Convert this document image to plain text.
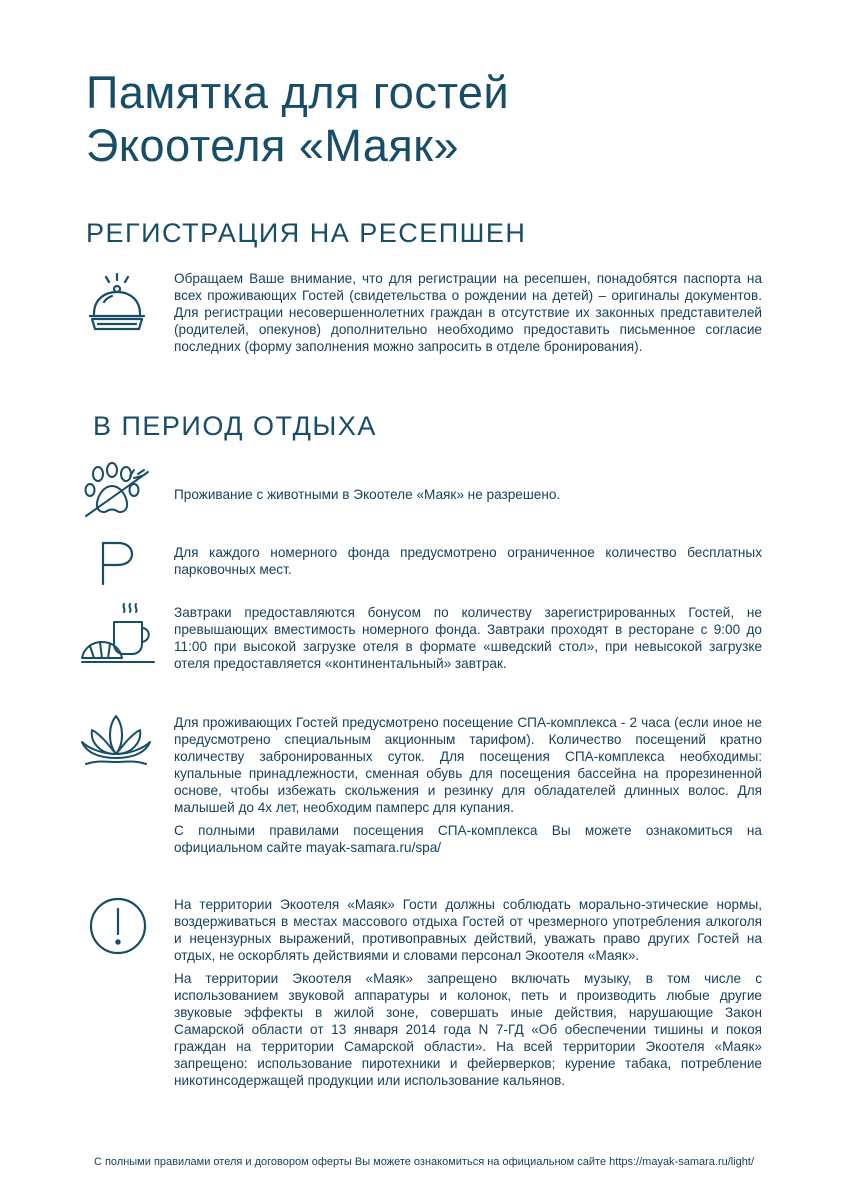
Памятка для гостей
Экоотеля «Маяк»
РЕГИСТРАЦИЯ НА РЕСЕПШЕН

Обращаем Ваше внимание, что для регистрации на ресепшен, понадобятся паспорта на всех проживающих Гостей (свидетельства о рождении на детей) – оригиналы документов. Для регистрации несовершеннолетних граждан в отсутствие их законных представителей (родителей, опекунов) дополнительно необходимо предоставить письменное согласие последних (форму заполнения можно запросить в отделе бронирования).

В ПЕРИОД ОТДЫХА

Проживание с животными в Экоотеле «Маяк» не разрешено.

Для каждого номерного фонда предусмотрено ограниченное количество бесплатных парковочных мест.

Завтраки предоставляются бонусом по количеству зарегистрированных Гостей, не превышающих вместимость номерного фонда. Завтраки проходят в ресторане с 9:00 до 11:00 при высокой загрузке отеля в формате «шведский стол», при невысокой загрузке отеля предоставляется «континентальный» завтрак.

Для проживающих Гостей предусмотрено посещение СПА-комплекса - 2 часа (если иное не предусмотрено специальным акционным тарифом). Количество посещений кратно количеству забронированных суток. Для посещения СПА-комплекса необходимы: купальные принадлежности, сменная обувь для посещения бассейна на прорезиненной основе, чтобы избежать скольжения и резинку для обладателей длинных волос. Для малышей до 4х лет, необходим памперс для купания.

С полными правилами посещения СПА-комплекса Вы можете ознакомиться на официальном сайте mayak-samara.ru/spa/

На территории Экоотеля «Маяк» Гости должны соблюдать морально-этические нормы, воздерживаться в местах массового отдыха Гостей от чрезмерного употребления алкоголя и нецензурных выражений, противоправных действий, уважать право других Гостей на отдых, не оскорблять действиями и словами персонал Экоотеля «Маяк».

На территории Экоотеля «Маяк» запрещено включать музыку, в том числе с использованием звуковой аппаратуры и колонок, петь и производить любые другие звуковые эффекты в жилой зоне, совершать иные действия, нарушающие Закон Самарской области от 13 января 2014 года N 7-ГД «Об обеспечении тишины и покоя граждан на территории Самарской области». На всей территории Экоотеля «Маяк» запрещено: использование пиротехники и фейерверков; курение табака, потребление никотинсодержащей продукции или использование кальянов.

С полными правилами отеля и договором оферты Вы можете ознакомиться на официальном сайте https://mayak-samara.ru/light/
